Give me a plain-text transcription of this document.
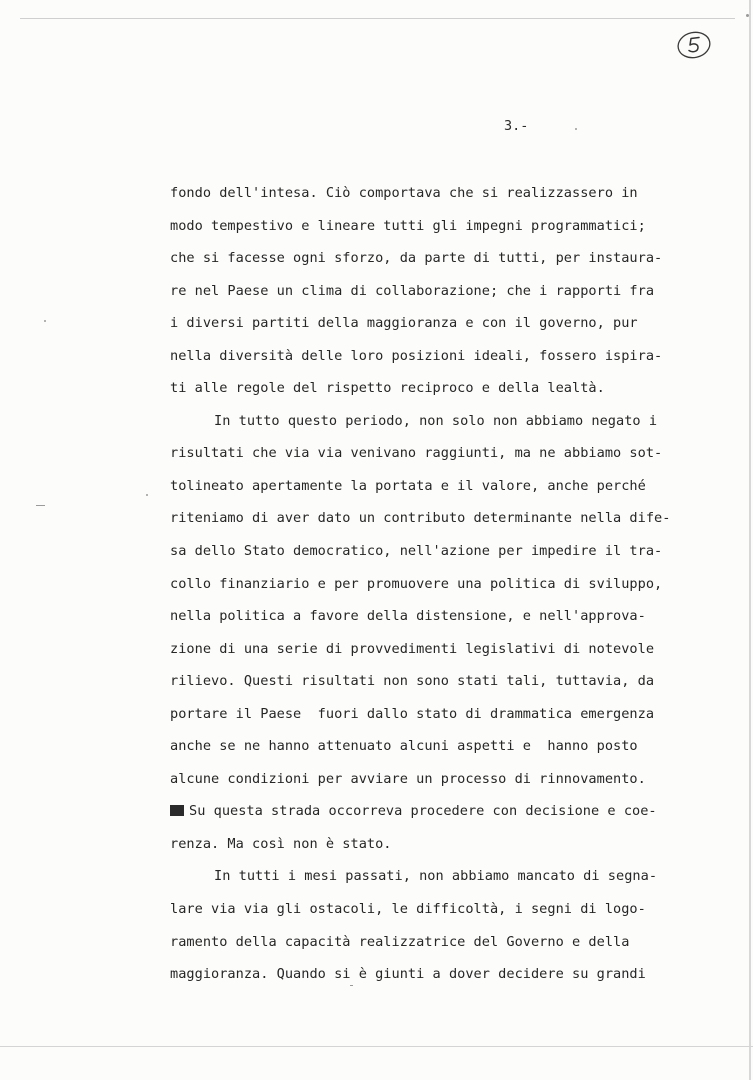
3.-
fondo dell'intesa. Ciò comportava che si realizzassero in
modo tempestivo e lineare tutti gli impegni programmatici;
che si facesse ogni sforzo, da parte di tutti, per instaura-
re nel Paese un clima di collaborazione; che i rapporti fra
i diversi partiti della maggioranza e con il governo, pur
nella diversità delle loro posizioni ideali, fossero ispira-
ti alle regole del rispetto reciproco e della lealtà.
In tutto questo periodo, non solo non abbiamo negato i
risultati che via via venivano raggiunti, ma ne abbiamo sot-
tolineato apertamente la portata e il valore, anche perché
riteniamo di aver dato un contributo determinante nella dife-
sa dello Stato democratico, nell'azione per impedire il tra-
collo finanziario e per promuovere una politica di sviluppo,
nella politica a favore della distensione, e nell'approva-
zione di una serie di provvedimenti legislativi di notevole
rilievo. Questi risultati non sono stati tali, tuttavia, da
portare il Paese  fuori dallo stato di drammatica emergenza
anche se ne hanno attenuato alcuni aspetti e  hanno posto
alcune condizioni per avviare un processo di rinnovamento.
Su questa strada occorreva procedere con decisione e coe-
renza. Ma così non è stato.
In tutti i mesi passati, non abbiamo mancato di segna-
lare via via gli ostacoli, le difficoltà, i segni di logo-
ramento della capacità realizzatrice del Governo e della
maggioranza. Quando si è giunti a dover decidere su grandi
